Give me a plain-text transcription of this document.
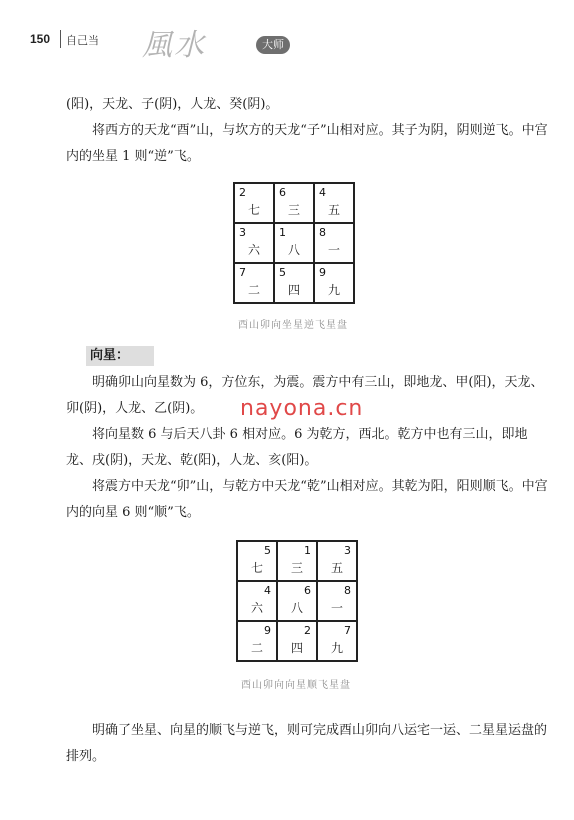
150 自己当 風水	大师

(阳)，天龙、子(阴)，人龙、癸(阴)。

将西方的天龙“酉”山，与坎方的天龙“子”山相对应。其子为阴，阴则逆飞。中宫内的坐星 1 则“逆”飞。

2
七
6
三
4
五
3
六
1
八
8
一
7
二
5
四
9
九
酉山卯向坐星逆飞星盘
向星：

明确卯山向星数为 6，方位东，为震。震方中有三山，即地龙、甲(阳)，天龙、卯(阴)，人龙、乙(阴)。	nayona.cn

将向星数 6 与后天八卦 6 相对应。6 为乾方，西北。乾方中也有三山，即地龙、戌(阴)，天龙、乾(阳)，人龙、亥(阳)。

将震方中天龙“卯”山，与乾方中天龙“乾”山相对应。其乾为阳，阳则顺飞。中宫内的向星 6 则“顺”飞。

5
七
1
三
3
五
4
六
6
八
8
一
9
二
2
四
7
九
酉山卯向向星顺飞星盘

明确了坐星、向星的顺飞与逆飞，则可完成酉山卯向八运宅一运、二星星运盘的排列。
